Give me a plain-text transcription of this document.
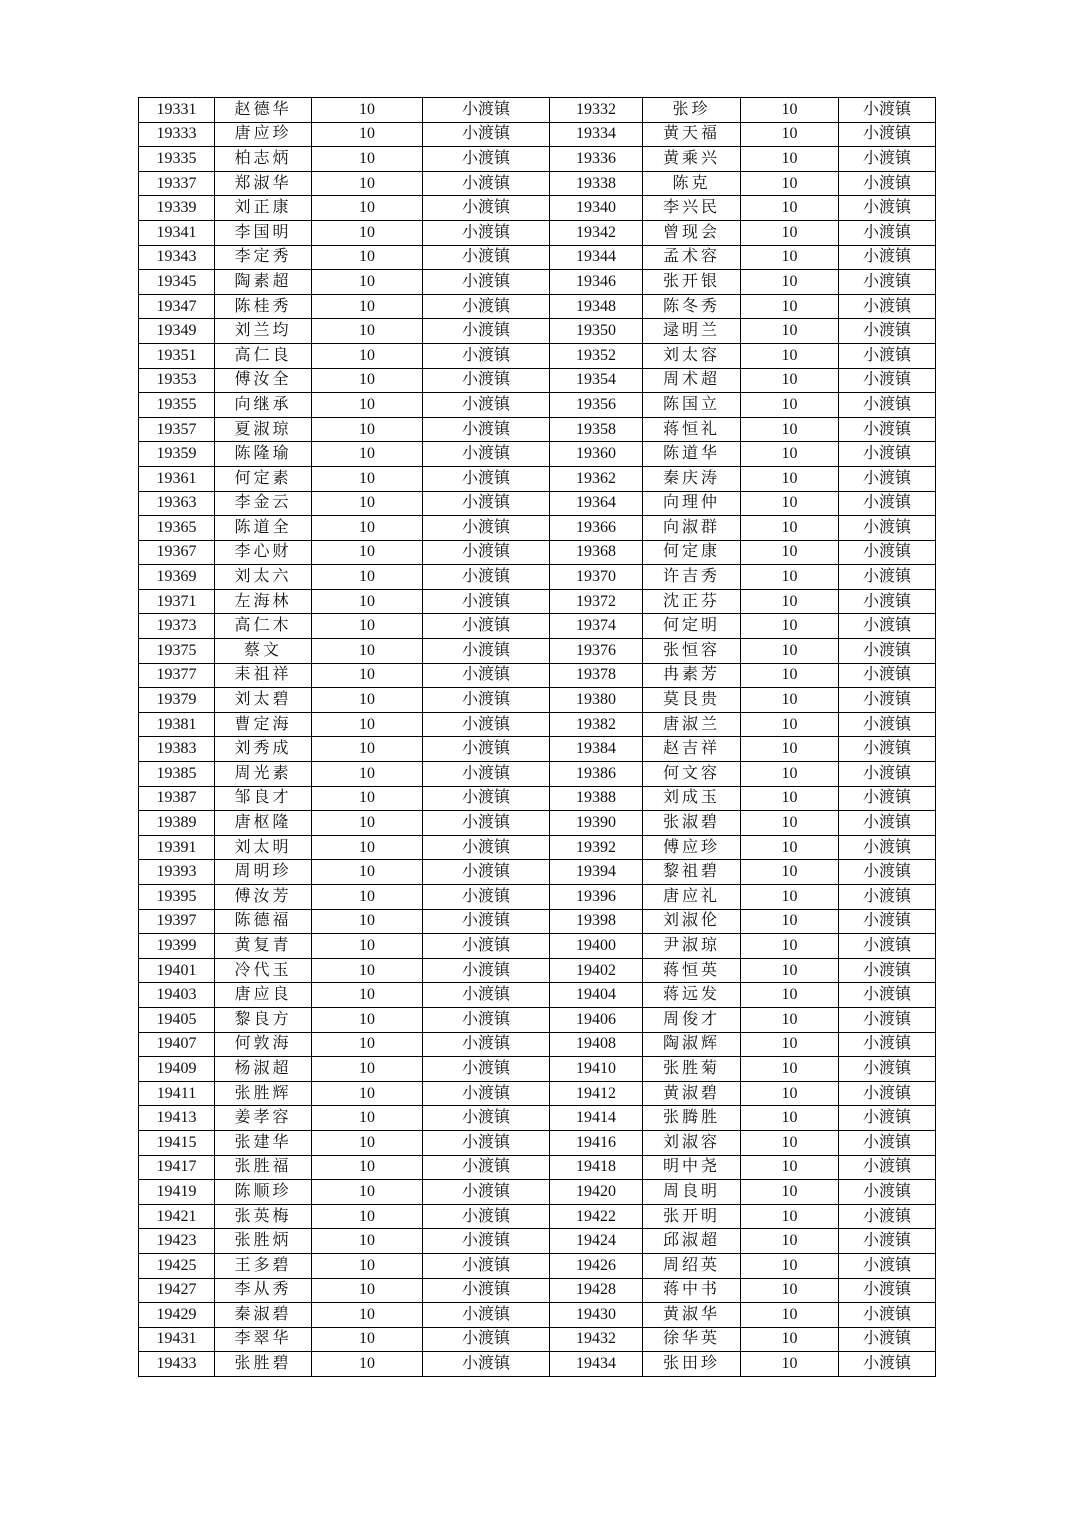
19331	赵德华	10	小渡镇	19332	张珍	10	小渡镇
19333	唐应珍	10	小渡镇	19334	黄天福	10	小渡镇
19335	柏志炳	10	小渡镇	19336	黄乘兴	10	小渡镇
19337	郑淑华	10	小渡镇	19338	陈克	10	小渡镇
19339	刘正康	10	小渡镇	19340	李兴民	10	小渡镇
19341	李国明	10	小渡镇	19342	曾现会	10	小渡镇
19343	李定秀	10	小渡镇	19344	孟术容	10	小渡镇
19345	陶素超	10	小渡镇	19346	张开银	10	小渡镇
19347	陈桂秀	10	小渡镇	19348	陈冬秀	10	小渡镇
19349	刘兰均	10	小渡镇	19350	逯明兰	10	小渡镇
19351	高仁良	10	小渡镇	19352	刘太容	10	小渡镇
19353	傅汝全	10	小渡镇	19354	周术超	10	小渡镇
19355	向继承	10	小渡镇	19356	陈国立	10	小渡镇
19357	夏淑琼	10	小渡镇	19358	蒋恒礼	10	小渡镇
19359	陈隆瑜	10	小渡镇	19360	陈道华	10	小渡镇
19361	何定素	10	小渡镇	19362	秦庆涛	10	小渡镇
19363	李金云	10	小渡镇	19364	向理仲	10	小渡镇
19365	陈道全	10	小渡镇	19366	向淑群	10	小渡镇
19367	李心财	10	小渡镇	19368	何定康	10	小渡镇
19369	刘太六	10	小渡镇	19370	许吉秀	10	小渡镇
19371	左海林	10	小渡镇	19372	沈正芬	10	小渡镇
19373	高仁木	10	小渡镇	19374	何定明	10	小渡镇
19375	蔡文	10	小渡镇	19376	张恒容	10	小渡镇
19377	耒祖祥	10	小渡镇	19378	冉素芳	10	小渡镇
19379	刘太碧	10	小渡镇	19380	莫艮贵	10	小渡镇
19381	曹定海	10	小渡镇	19382	唐淑兰	10	小渡镇
19383	刘秀成	10	小渡镇	19384	赵吉祥	10	小渡镇
19385	周光素	10	小渡镇	19386	何文容	10	小渡镇
19387	邹良才	10	小渡镇	19388	刘成玉	10	小渡镇
19389	唐枢隆	10	小渡镇	19390	张淑碧	10	小渡镇
19391	刘太明	10	小渡镇	19392	傅应珍	10	小渡镇
19393	周明珍	10	小渡镇	19394	黎祖碧	10	小渡镇
19395	傅汝芳	10	小渡镇	19396	唐应礼	10	小渡镇
19397	陈德福	10	小渡镇	19398	刘淑伦	10	小渡镇
19399	黄复青	10	小渡镇	19400	尹淑琼	10	小渡镇
19401	冷代玉	10	小渡镇	19402	蒋恒英	10	小渡镇
19403	唐应良	10	小渡镇	19404	蒋远发	10	小渡镇
19405	黎良方	10	小渡镇	19406	周俊才	10	小渡镇
19407	何敦海	10	小渡镇	19408	陶淑辉	10	小渡镇
19409	杨淑超	10	小渡镇	19410	张胜菊	10	小渡镇
19411	张胜辉	10	小渡镇	19412	黄淑碧	10	小渡镇
19413	姜孝容	10	小渡镇	19414	张腾胜	10	小渡镇
19415	张建华	10	小渡镇	19416	刘淑容	10	小渡镇
19417	张胜福	10	小渡镇	19418	明中尧	10	小渡镇
19419	陈顺珍	10	小渡镇	19420	周良明	10	小渡镇
19421	张英梅	10	小渡镇	19422	张开明	10	小渡镇
19423	张胜炳	10	小渡镇	19424	邱淑超	10	小渡镇
19425	王多碧	10	小渡镇	19426	周绍英	10	小渡镇
19427	李从秀	10	小渡镇	19428	蒋中书	10	小渡镇
19429	秦淑碧	10	小渡镇	19430	黄淑华	10	小渡镇
19431	李翠华	10	小渡镇	19432	徐华英	10	小渡镇
19433	张胜碧	10	小渡镇	19434	张田珍	10	小渡镇
